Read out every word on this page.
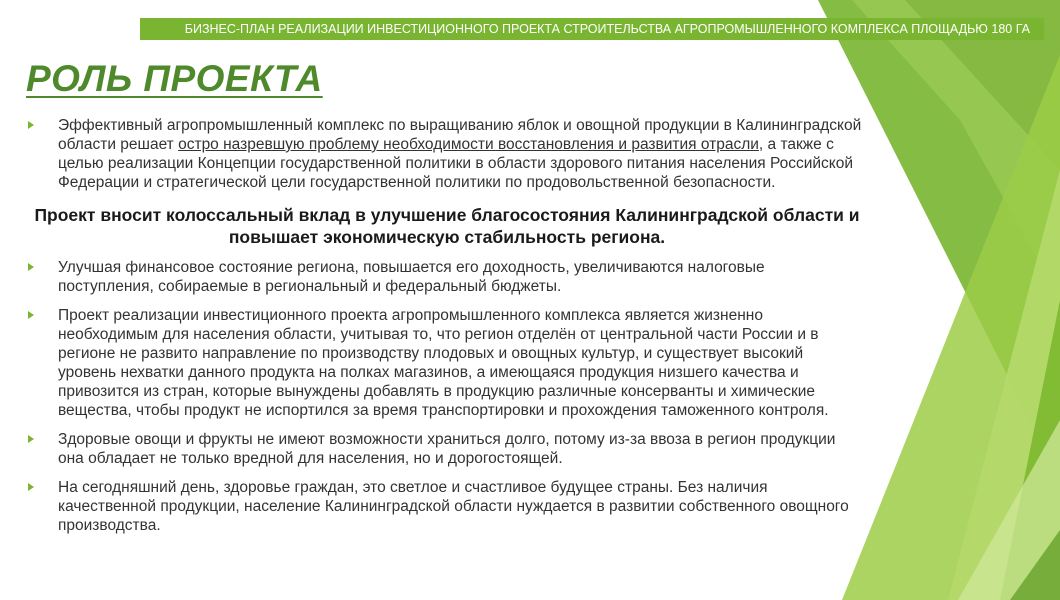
БИЗНЕС-ПЛАН РЕАЛИЗАЦИИ ИНВЕСТИЦИОННОГО ПРОЕКТА СТРОИТЕЛЬСТВА АГРОПРОМЫШЛЕННОГО КОМПЛЕКСА ПЛОЩАДЬЮ 180 ГА
РОЛЬ ПРОЕКТА
Эффективный агропромышленный комплекс по выращиванию яблок и овощной продукции в Калининградской области решает остро назревшую проблему необходимости восстановления и развития отрасли, а также с целью реализации Концепции государственной политики в области здорового питания населения Российской Федерации и стратегической цели государственной политики по продовольственной безопасности.

Проект вносит колоссальный вклад в улучшение благосостояния Калининградской области и повышает экономическую стабильность региона.

Улучшая финансовое состояние региона, повышается его доходность, увеличиваются налоговые поступления, собираемые в региональный и федеральный бюджеты.
Проект реализации инвестиционного проекта агропромышленного комплекса является жизненно необходимым для населения области, учитывая то, что регион отделён от центральной части России и в регионе не развито направление по производству плодовых и овощных культур, и существует высокий уровень нехватки данного продукта на полках магазинов, а имеющаяся продукция низшего качества и привозится из стран, которые вынуждены добавлять в продукцию различные консерванты и химические вещества, чтобы продукт не испортился за время транспортировки и прохождения таможенного контроля.
Здоровые овощи и фрукты не имеют возможности храниться долго, потому из-за ввоза в регион продукции она обладает не только вредной для населения, но и дорогостоящей.
На сегодняшний день, здоровье граждан, это светлое и счастливое будущее страны. Без наличия качественной продукции, население Калининградской области нуждается в развитии собственного овощного производства.
